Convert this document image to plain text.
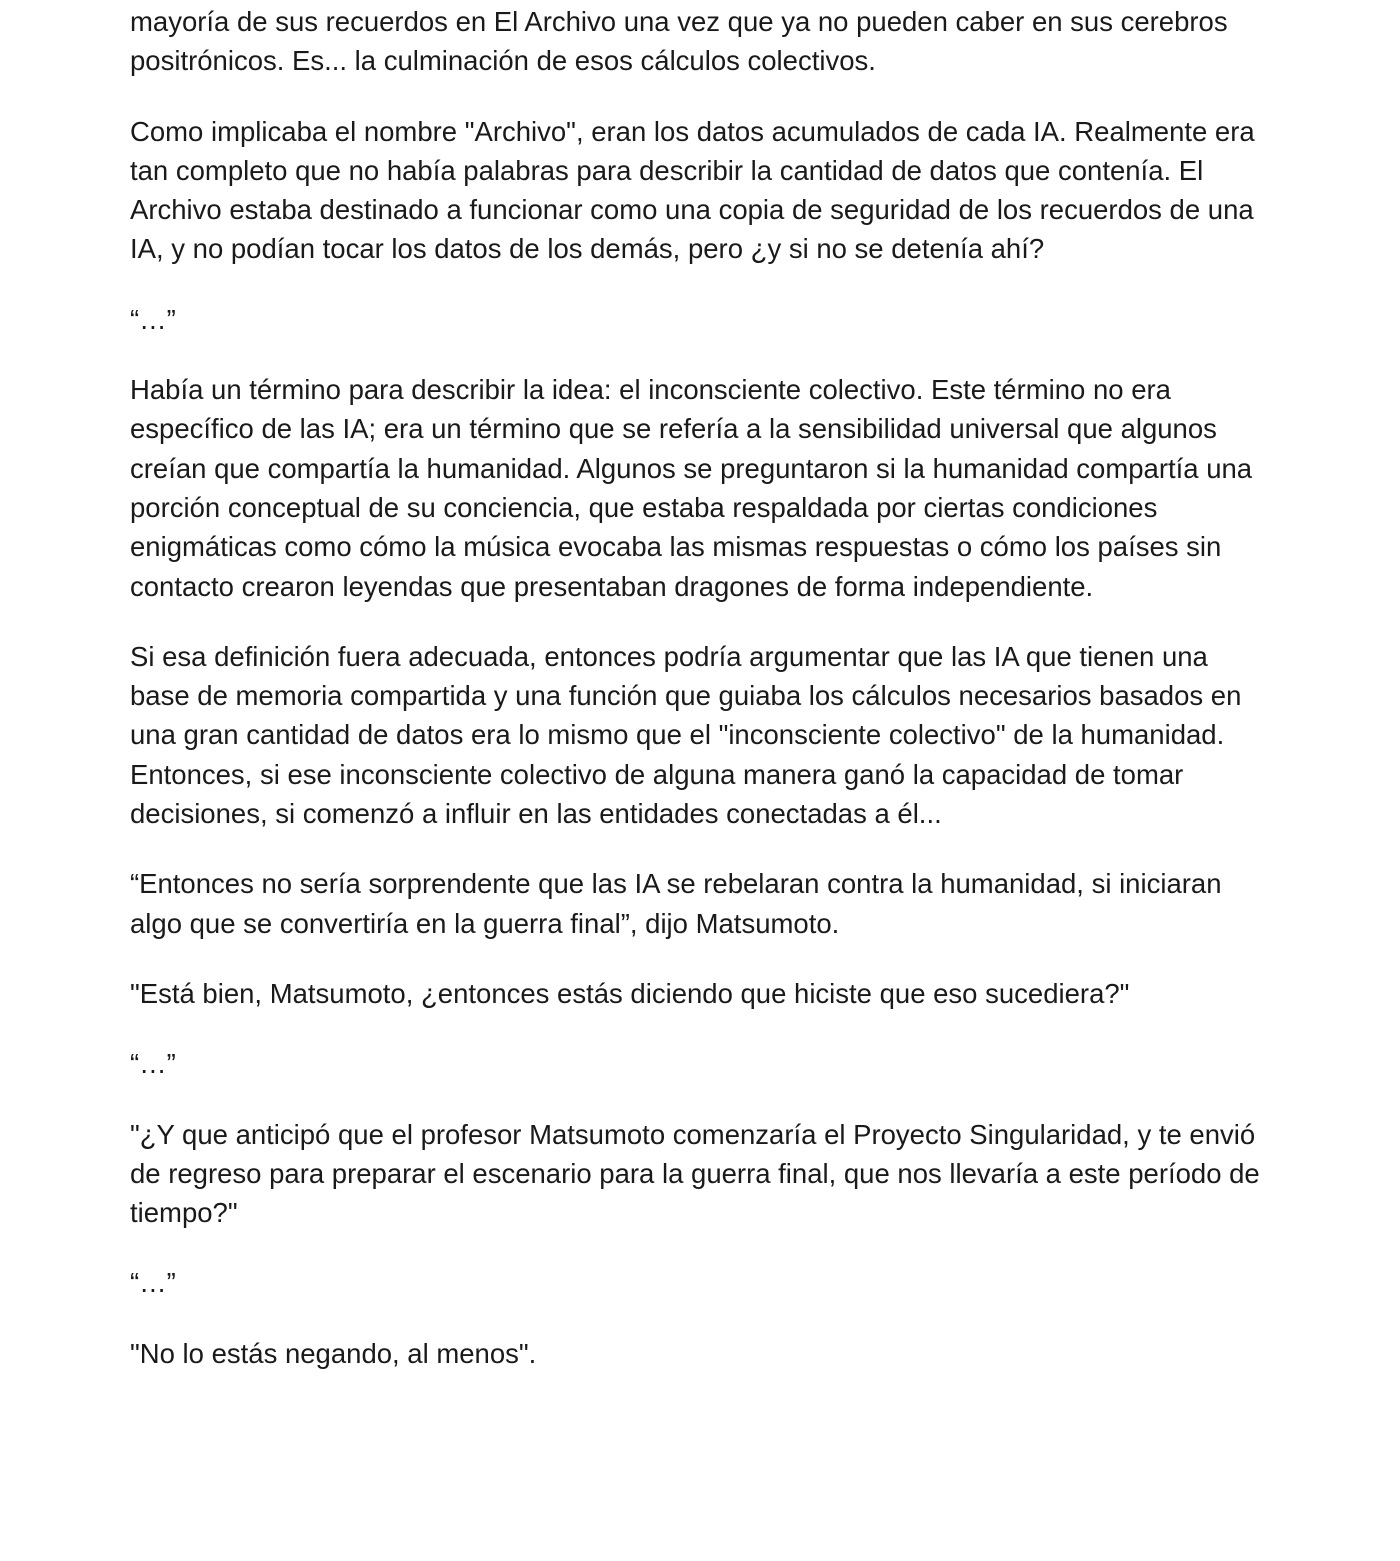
mayoría de sus recuerdos en El Archivo una vez que ya no pueden caber en sus cerebros positrónicos. Es... la culminación de esos cálculos colectivos.

Como implicaba el nombre "Archivo", eran los datos acumulados de cada IA. Realmente era tan completo que no había palabras para describir la cantidad de datos que contenía. El Archivo estaba destinado a funcionar como una copia de seguridad de los recuerdos de una IA, y no podían tocar los datos de los demás, pero ¿y si no se detenía ahí?

“…”

Había un término para describir la idea: el inconsciente colectivo. Este término no era específico de las IA; era un término que se refería a la sensibilidad universal que algunos creían que compartía la humanidad. Algunos se preguntaron si la humanidad compartía una porción conceptual de su conciencia, que estaba respaldada por ciertas condiciones enigmáticas como cómo la música evocaba las mismas respuestas o cómo los países sin contacto crearon leyendas que presentaban dragones de forma independiente.

Si esa definición fuera adecuada, entonces podría argumentar que las IA que tienen una base de memoria compartida y una función que guiaba los cálculos necesarios basados en una gran cantidad de datos era lo mismo que el "inconsciente colectivo" de la humanidad. Entonces, si ese inconsciente colectivo de alguna manera ganó la capacidad de tomar decisiones, si comenzó a influir en las entidades conectadas a él...

“Entonces no sería sorprendente que las IA se rebelaran contra la humanidad, si iniciaran algo que se convertiría en la guerra final”, dijo Matsumoto.

"Está bien, Matsumoto, ¿entonces estás diciendo que hiciste que eso sucediera?"

“…”

"¿Y que anticipó que el profesor Matsumoto comenzaría el Proyecto Singularidad, y te envió de regreso para preparar el escenario para la guerra final, que nos llevaría a este período de tiempo?"

“…”

"No lo estás negando, al menos".
